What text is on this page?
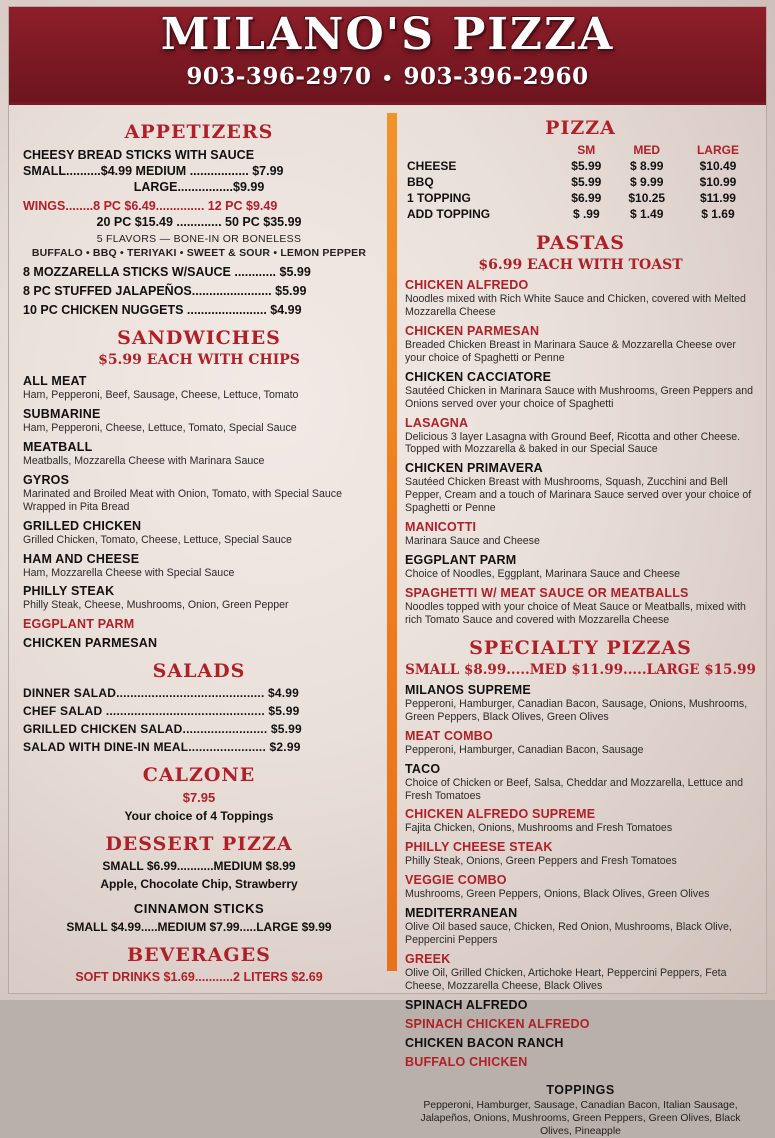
MILANO'S PIZZA
903-396-2970 • 903-396-2960
APPETIZERS
CHEESY BREAD STICKS WITH SAUCE
SMALL..........$4.99 MEDIUM ................. $7.99
LARGE................$9.99
WINGS........8 PC $6.49.............. 12 PC $9.49
20 PC $15.49 ............. 50 PC $35.99
5 FLAVORS — BONE-IN OR BONELESS
BUFFALO • BBQ • TERIYAKI • SWEET & SOUR • LEMON PEPPER
8 MOZZARELLA STICKS W/SAUCE ............ $5.99
8 PC STUFFED JALAPEÑOS....................... $5.99
10 PC CHICKEN NUGGETS ....................... $4.99
SANDWICHES
$5.99 EACH WITH CHIPS
ALL MEAT
Ham, Pepperoni, Beef, Sausage, Cheese, Lettuce, Tomato
SUBMARINE
Ham, Pepperoni, Cheese, Lettuce, Tomato, Special Sauce
MEATBALL
Meatballs, Mozzarella Cheese with Marinara Sauce
GYROS
Marinated and Broiled Meat with Onion, Tomato, with Special Sauce Wrapped in Pita Bread
GRILLED CHICKEN
Grilled Chicken, Tomato, Cheese, Lettuce, Special Sauce
HAM AND CHEESE
Ham, Mozzarella Cheese with Special Sauce
PHILLY STEAK
Philly Steak, Cheese, Mushrooms, Onion, Green Pepper
EGGPLANT PARM
CHICKEN PARMESAN
SALADS
DINNER SALAD.......................................... $4.99
CHEF SALAD ............................................. $5.99
GRILLED CHICKEN SALAD........................ $5.99
SALAD WITH DINE-IN MEAL...................... $2.99
CALZONE
$7.95
Your choice of 4 Toppings
DESSERT PIZZA
SMALL $6.99...........MEDIUM $8.99
Apple, Chocolate Chip, Strawberry
CINNAMON STICKS
SMALL $4.99.....MEDIUM $7.99.....LARGE $9.99
BEVERAGES
SOFT DRINKS $1.69...........2 LITERS $2.69
PIZZA
	SM	MED	LARGE
CHEESE	$5.99	$ 8.99	$10.49
BBQ	$5.99	$ 9.99	$10.99
1 TOPPING	$6.99	$10.25	$11.99
ADD TOPPING	$ .99	$ 1.49	$ 1.69
PASTAS
$6.99 EACH WITH TOAST
CHICKEN ALFREDO
Noodles mixed with Rich White Sauce and Chicken, covered with Melted Mozzarella Cheese
CHICKEN PARMESAN
Breaded Chicken Breast in Marinara Sauce & Mozzarella Cheese over your choice of Spaghetti or Penne
CHICKEN CACCIATORE
Sautéed Chicken in Marinara Sauce with Mushrooms, Green Peppers and Onions served over your choice of Spaghetti
LASAGNA
Delicious 3 layer Lasagna with Ground Beef, Ricotta and other Cheese. Topped with Mozzarella & baked in our Special Sauce
CHICKEN PRIMAVERA
Sautéed Chicken Breast with Mushrooms, Squash, Zucchini and Bell Pepper, Cream and a touch of Marinara Sauce served over your choice of Spaghetti or Penne
MANICOTTI
Marinara Sauce and Cheese
EGGPLANT PARM
Choice of Noodles, Eggplant, Marinara Sauce and Cheese
SPAGHETTI W/ MEAT SAUCE OR MEATBALLS
Noodles topped with your choice of Meat Sauce or Meatballs, mixed with rich Tomato Sauce and covered with Mozzarella Cheese
SPECIALTY PIZZAS
SMALL $8.99.....MED $11.99.....LARGE $15.99
MILANOS SUPREME
Pepperoni, Hamburger, Canadian Bacon, Sausage, Onions, Mushrooms, Green Peppers, Black Olives, Green Olives
MEAT COMBO
Pepperoni, Hamburger, Canadian Bacon, Sausage
TACO
Choice of Chicken or Beef, Salsa, Cheddar and Mozzarella, Lettuce and Fresh Tomatoes
CHICKEN ALFREDO SUPREME
Fajita Chicken, Onions, Mushrooms and Fresh Tomatoes
PHILLY CHEESE STEAK
Philly Steak, Onions, Green Peppers and Fresh Tomatoes
VEGGIE COMBO
Mushrooms, Green Peppers, Onions, Black Olives, Green Olives
MEDITERRANEAN
Olive Oil based sauce, Chicken, Red Onion, Mushrooms, Black Olive, Peppercini Peppers
GREEK
Olive Oil, Grilled Chicken, Artichoke Heart, Peppercini Peppers, Feta Cheese, Mozzarella Cheese, Black Olives
SPINACH ALFREDO
SPINACH CHICKEN ALFREDO
CHICKEN BACON RANCH
BUFFALO CHICKEN
TOPPINGS
Pepperoni, Hamburger, Sausage, Canadian Bacon, Italian Sausage, Jalapeños, Onions, Mushrooms, Green Peppers, Green Olives, Black Olives, Pineapple
